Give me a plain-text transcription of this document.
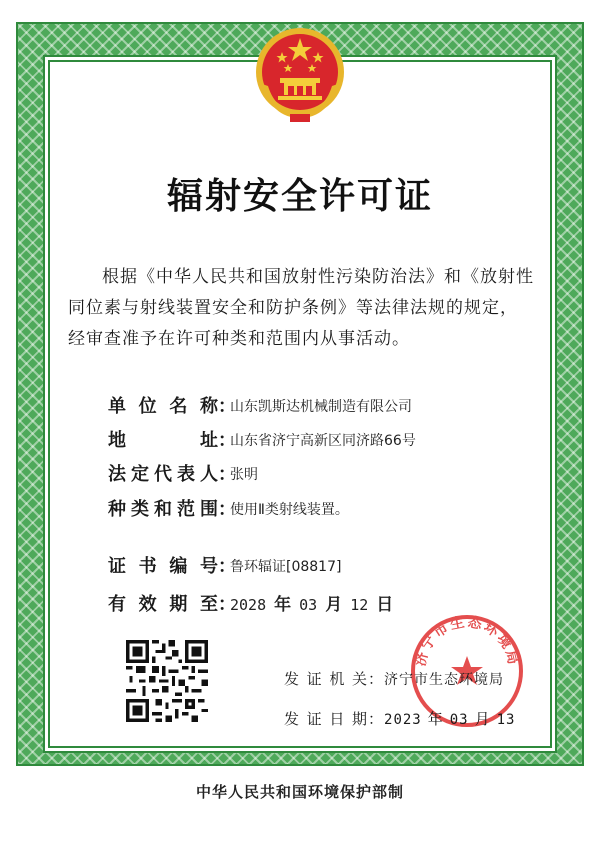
辐射安全许可证

根据《中华人民共和国放射性污染防治法》和《放射性同位素与射线装置安全和防护条例》等法律法规的规定，经审查准予在许可种类和范围内从事活动。

单位名称：山东凯斯达机械制造有限公司
地址：山东省济宁高新区同济路66号
法定代表人：张明
种类和范围：使用Ⅱ类射线装置。
证书编号：鲁环辐证[08817]
有效期至：2028 年 03 月 12 日
济宁市生态环境局
发证机关：济宁市生态环境局
发证日期：2023 年 03 月 13
中华人民共和国环境保护部制
